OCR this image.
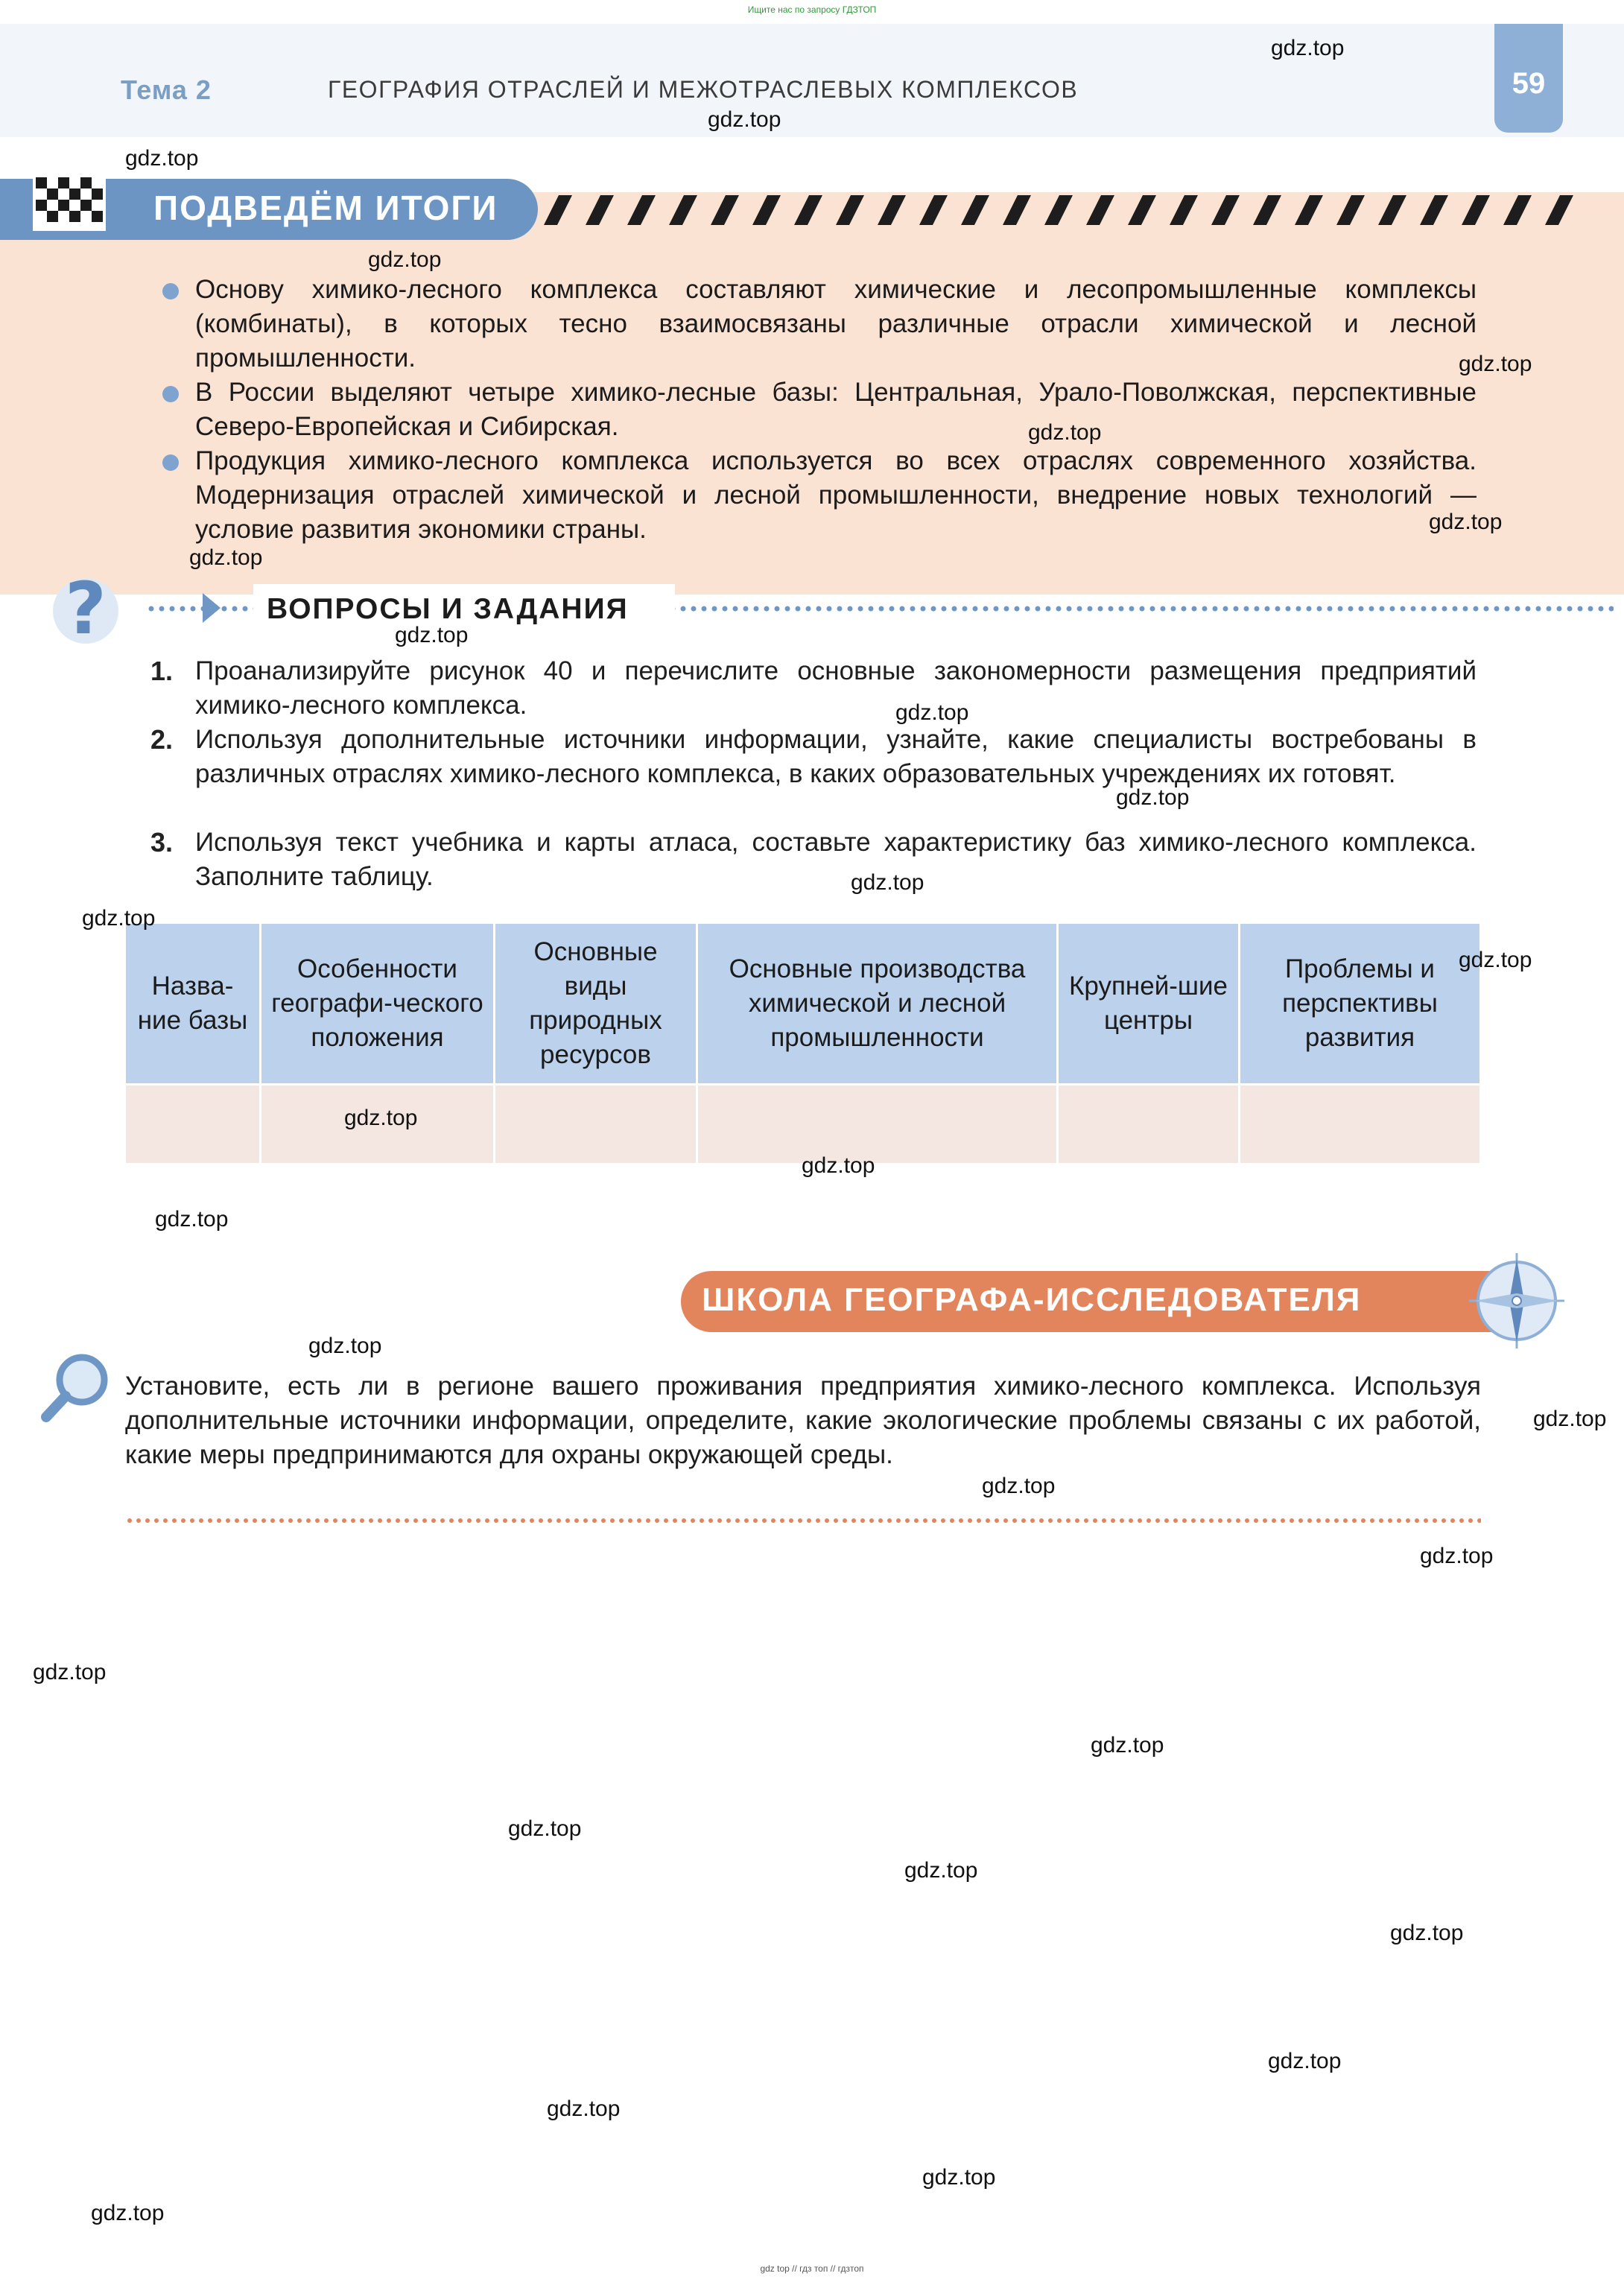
Ищите нас по запросу ГДЗТОП
Тема 2	ГЕОГРАФИЯ ОТРАСЛЕЙ И МЕЖОТРАСЛЕВЫХ КОМПЛЕКСОВ	59
ПОДВЕДЁМ ИТОГИ
Основу химико-лесного комплекса составляют химические и лесопромышленные комплексы (комбинаты), в которых тесно взаимосвязаны различные отрасли химической и лесной промышленности.
В России выделяют четыре химико-лесные базы: Центральная, Урало-Поволжская, перспективные Северо-Европейская и Сибирская.
Продукция химико-лесного комплекса используется во всех отраслях современного хозяйства. Модернизация отраслей химической и лесной промышленности, внедрение новых технологий — условие развития экономики страны.
?	ВОПРОСЫ И ЗАДАНИЯ
1. Проанализируйте рисунок 40 и перечислите основные закономерности размещения предприятий химико-лесного комплекса.
2. Используя дополнительные источники информации, узнайте, какие специалисты востребованы в различных отраслях химико-лесного комплекса, в каких образовательных учреждениях их готовят.
3. Используя текст учебника и карты атласа, составьте характеристику баз химико-лесного комплекса. Заполните таблицу.
Назва-ние базы	Особенности географи-ческого положения	Основные виды природных ресурсов	Основные производства химической и лесной промышленности	Крупней-шие центры	Проблемы и перспективы развития

ШКОЛА ГЕОГРАФА-ИССЛЕДОВАТЕЛЯ
Установите, есть ли в регионе вашего проживания предприятия химико-лесного комплекса. Используя дополнительные источники информации, определите, какие экологические проблемы связаны с их работой, какие меры предпринимаются для охраны окружающей среды.
gdz.top
gdz.top
gdz.top
gdz.top
gdz.top
gdz.top
gdz.top
gdz.top
gdz.top
gdz.top
gdz.top
gdz.top
gdz.top
gdz.top
gdz.top
gdz.top
gdz.top
gdz.top
gdz.top
gdz.top
gdz.top
gdz.top
gdz.top
gdz.top
gdz.top
gdz.top
gdz.top
gdz.top
gdz.top
gdz.top
gdz top // гдз топ // гдзтоп
